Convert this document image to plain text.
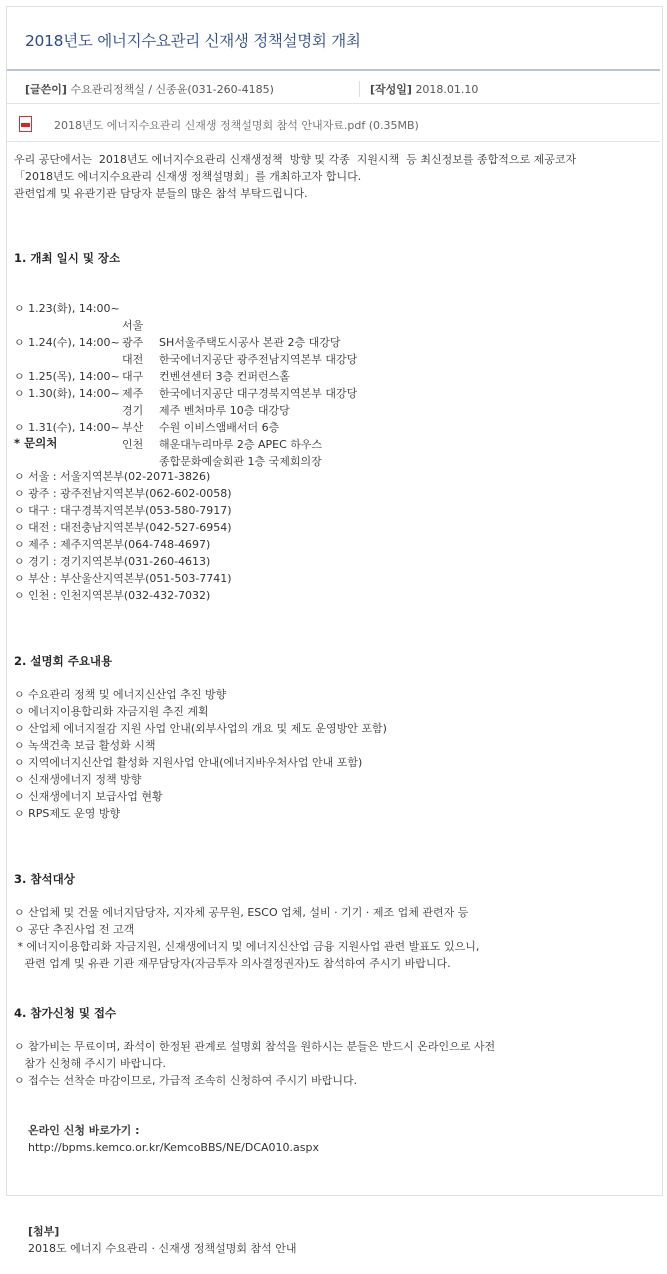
2018년도 에너지수요관리 신재생 정책설명회 개최
[글쓴이] 수요관리정책실 / 신종윤(031-260-4185)	[작성일] 2018.01.10
2018년도 에너지수요관리 신재생 정책설명회 참석 안내자료.pdf (0.35MB)
우리 공단에서는  2018년도 에너지수요관리 신재생정책  방향 및 각종  지원시책  등 최신정보를 종합적으로 제공코자
「2018년도 에너지수요관리 신재생 정책설명회」를 개최하고자 합니다.
관련업계 및 유관기관 담당자 분들의 많은 참석 부탁드립니다.
1. 개최 일시 및 장소

ㅇ 1.23(화), 14:00~

서울

SH서울주택도시공사 본관 2층 대강당

광주

한국에너지공단 광주전남지역본부 대강당

ㅇ 1.24(수), 14:00~

대전

컨벤션센터 3층 컨퍼런스홀

대구

한국에너지공단 대구경북지역본부 대강당

ㅇ 1.25(목), 14:00~

제주

제주 벤처마루 10층 대강당

ㅇ 1.30(화), 14:00~

경기

수원 이비스앰배서더 6층

부산

해운대누리마루 2층 APEC 하우스

ㅇ 1.31(수), 14:00~

인천

종합문화예술회관 1층 국제회의장

* 문의처
ㅇ 서울 : 서울지역본부(02-2071-3826)
ㅇ 광주 : 광주전남지역본부(062-602-0058)
ㅇ 대구 : 대구경북지역본부(053-580-7917)
ㅇ 대전 : 대전충남지역본부(042-527-6954)
ㅇ 제주 : 제주지역본부(064-748-4697)
ㅇ 경기 : 경기지역본부(031-260-4613)
ㅇ 부산 : 부산울산지역본부(051-503-7741)
ㅇ 인천 : 인천지역본부(032-432-7032)
2. 설명회 주요내용
ㅇ 수요관리 정책 및 에너지신산업 추진 방향
ㅇ 에너지이용합리화 자금지원 추진 계획
ㅇ 산업체 에너지절감 지원 사업 안내(외부사업의 개요 및 제도 운영방안 포함)
ㅇ 녹색건축 보급 활성화 시책
ㅇ 지역에너지신산업 활성화 지원사업 안내(에너지바우처사업 안내 포함)
ㅇ 신재생에너지 정책 방향
ㅇ 신재생에너지 보급사업 현황
ㅇ RPS제도 운영 방향
3. 참석대상
ㅇ 산업체 및 건물 에너지담당자, 지자체 공무원, ESCO 업체, 설비 · 기기 · 제조 업체 관련자 등
ㅇ 공단 추진사업 전 고객
* 에너지이용합리화 자금지원, 신재생에너지 및 에너지신산업 금융 지원사업 관련 발표도 있으니,
관련 업계 및 유관 기관 재무담당자(자금투자 의사결정권자)도 참석하여 주시기 바랍니다.
4. 참가신청 및 접수
ㅇ 참가비는 무료이며, 좌석이 한정된 관계로 설명회 참석을 원하시는 분들은 반드시 온라인으로 사전
참가 신청해 주시기 바랍니다.
ㅇ 접수는 선착순 마감이므로, 가급적 조속히 신청하여 주시기 바랍니다.

온라인 신청 바로가기 :
http://bpms.kemco.or.kr/KemcoBBS/NE/DCA010.aspx

[첨부]
2018도 에너지 수요관리 · 신재생 정책설명회 참석 안내
